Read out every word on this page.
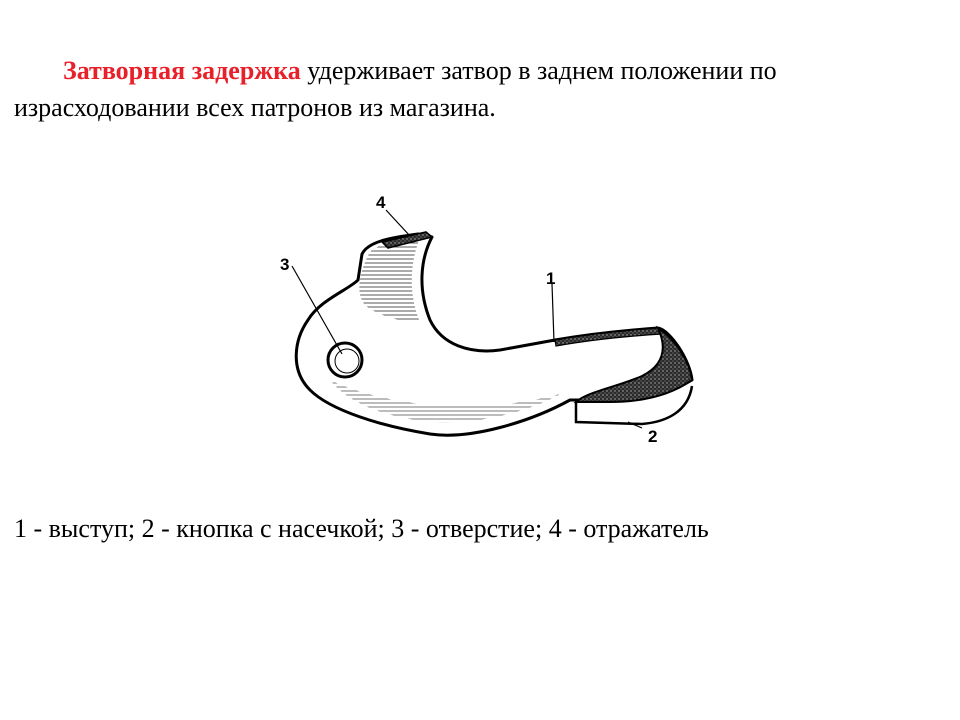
Затворная задержка удерживает затвор в заднем положении по израсходовании всех патронов из магазина.

4
3
1
2

1 - выступ; 2 - кнопка с насечкой; 3 - отверстие; 4 - отражатель
